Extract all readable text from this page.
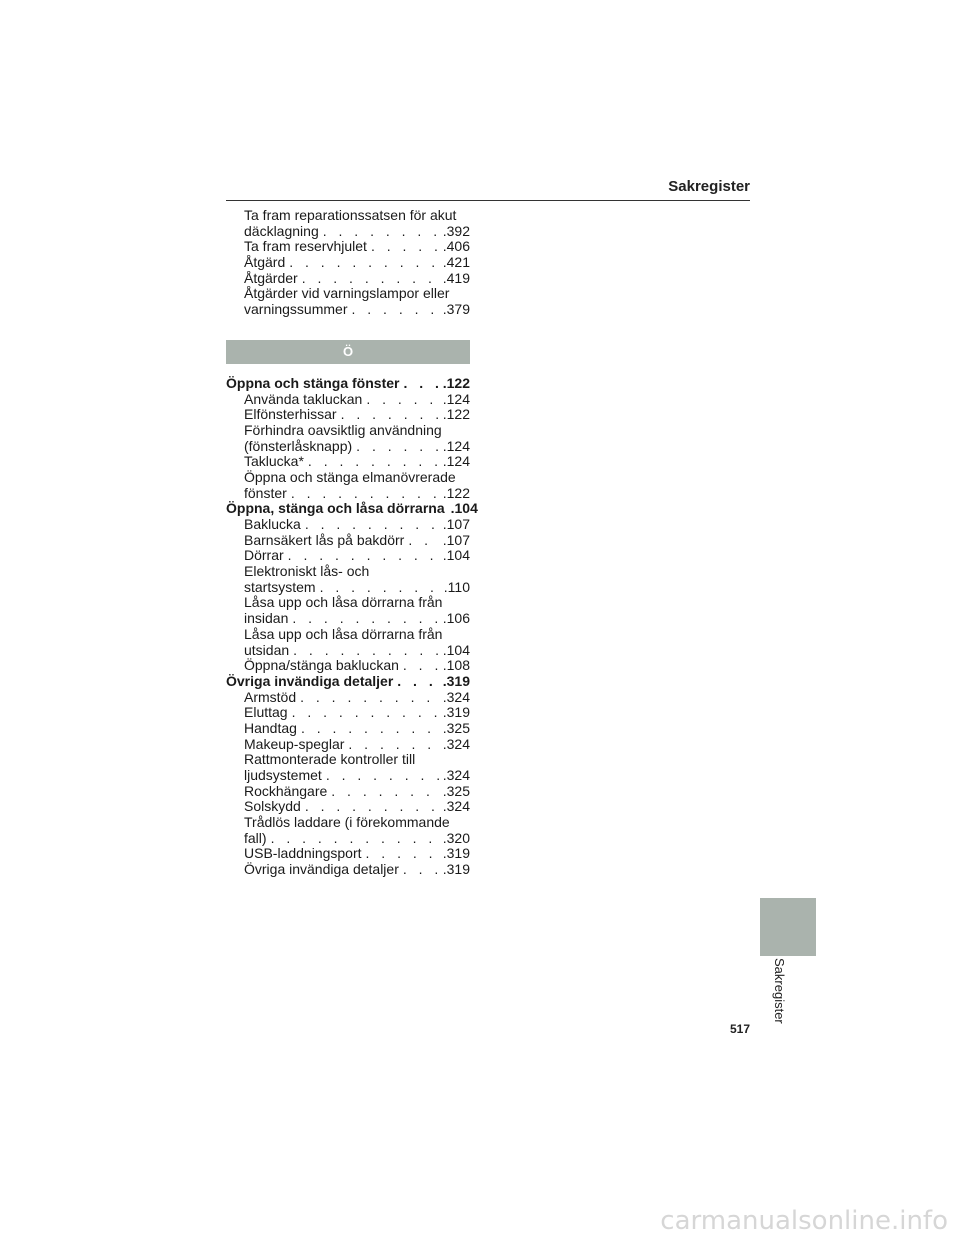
Sakregister
Ta fram reparationssatsen för akut
däcklagning . . .	.392
Ta fram reservhjulet . . .	.406
Åtgärd . . .	.421
Åtgärder . . .	.419
Åtgärder vid varningslampor eller
varningssummer . . .	.379
Ö
Öppna och stänga fönster . . .	.122
Använda takluckan . . .	.124
Elfönsterhissar . . .	.122
Förhindra oavsiktlig användning
(fönsterlåsknapp) . . .	.124
Taklucka* . . .	.124
Öppna och stänga elmanövrerade
fönster . . .	.122
Öppna, stänga och låsa dörrarna .104
Baklucka . . .	.107
Barnsäkert lås på bakdörr . . .	.107
Dörrar . . .	.104
Elektroniskt lås- och
startsystem . . .	.110
Låsa upp och låsa dörrarna från
insidan . . .	.106
Låsa upp och låsa dörrarna från
utsidan . . .	.104
Öppna/stänga bakluckan . . .	.108
Övriga invändiga detaljer . . .	.319
Armstöd . . .	.324
Eluttag . . .	.319
Handtag . . .	.325
Makeup-speglar . . .	.324
Rattmonterade kontroller till
ljudsystemet . . .	.324
Rockhängare . . .	.325
Solskydd . . .	.324
Trådlös laddare (i förekommande
fall) . . .	.320
USB-laddningsport . . .	.319
Övriga invändiga detaljer . . .	.319
Sakregister
517
carmanualsonline.info
